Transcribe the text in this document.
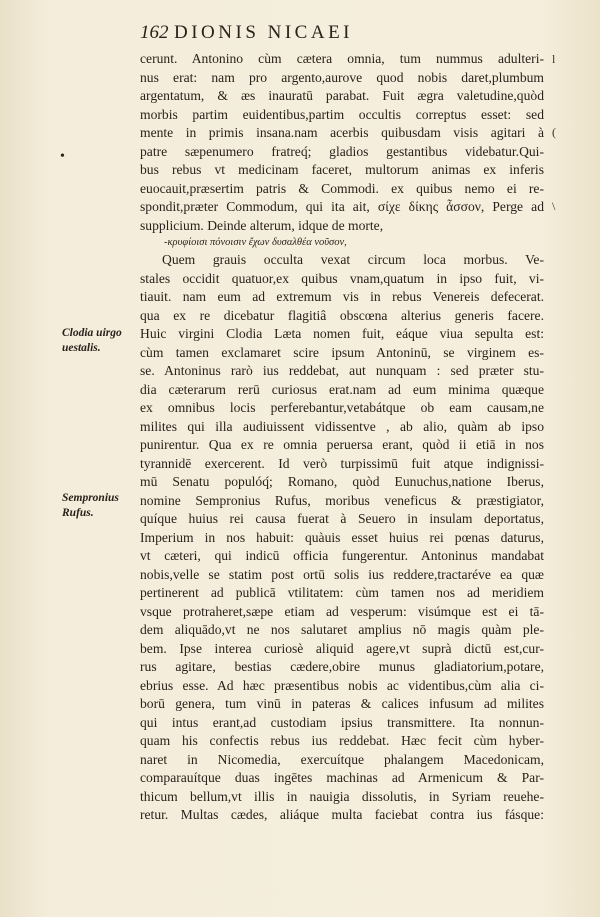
162 DIONIS NICAEI
•
Clodia uirgo
uestalis.
Sempronius
Rufus.
l
(
\
cerunt. Antonino cùm cætera omnia, tum nummus adulteri-
nus erat: nam pro argento,aurove quod nobis daret,plumbum
argentatum, & æs inauratū parabat. Fuit ægra valetudine,quòd
morbis partim euidentibus,partim occultis correptus esset: sed
mente in primis insana.nam acerbis quibusdam visis agitari à
patre sæpenumero fratreq́; gladios gestantibus videbatur.Qui-
bus rebus vt medicinam faceret, multorum animas ex inferis
euocauit,præsertim patris & Commodi. ex quibus nemo ei re-
spondit,præter Commodum, qui ita ait, σίχε δίκης ἆσσον, Perge ad
supplicium. Deinde alterum, idque de morte,
-κρυφίοισι πόνοισιν ἔχων δυσαλθέα νοῦσον,
Quem grauis occulta vexat circum loca morbus. Ve-
stales occidit quatuor,ex quibus vnam,quatum in ipso fuit, vi-
tiauit. nam eum ad extremum vis in rebus Venereis defecerat.
qua ex re dicebatur flagitiâ obscœna alterius generis facere.
Huic virgini Clodia Læta nomen fuit, eáque viua sepulta est:
cùm tamen exclamaret scire ipsum Antoninū, se virginem es-
se. Antoninus rarò ius reddebat, aut nunquam : sed præter stu-
dia cæterarum rerū curiosus erat.nam ad eum minima quæque
ex omnibus locis perferebantur,vetabátque ob eam causam,ne
milites qui illa audiuissent vidissentve , ab alio, quàm ab ipso
punirentur. Qua ex re omnia peruersa erant, quòd ii etiā in nos
tyrannidē exercerent. Id verò turpissimū fuit atque indignissi-
mū Senatu populóq́; Romano, quòd Eunuchus,natione Iberus,
nomine Sempronius Rufus, moribus veneficus & præstigiator,
quíque huius rei causa fuerat à Seuero in insulam deportatus,
Imperium in nos habuit: quàuis esset huius rei pœnas daturus,
vt cæteri, qui indicū officia fungerentur. Antoninus mandabat
nobis,velle se statim post ortū solis ius reddere,tractaréve ea quæ
pertinerent ad publicā vtilitatem: cùm tamen nos ad meridiem
vsque protraheret,sæpe etiam ad vesperum: visúmque est ei tā-
dem aliquādo,vt ne nos salutaret amplius nō magis quàm ple-
bem. Ipse interea curiosè aliquid agere,vt suprà dictū est,cur-
rus agitare, bestias cædere,obire munus gladiatorium,potare,
ebrius esse. Ad hæc præsentibus nobis ac videntibus,cùm alia ci-
borū genera, tum vinū in pateras & calices infusum ad milites
qui intus erant,ad custodiam ipsius transmittere. Ita nonnun-
quam his confectis rebus ius reddebat. Hæc fecit cùm hyber-
naret in Nicomedia, exercuítque phalangem Macedonicam,
comparauítque duas ingētes machinas ad Armenicum & Par-
thicum bellum,vt illis in nauigia dissolutis, in Syriam reuehe-
retur. Multas cædes, aliáque multa faciebat contra ius fásque:
